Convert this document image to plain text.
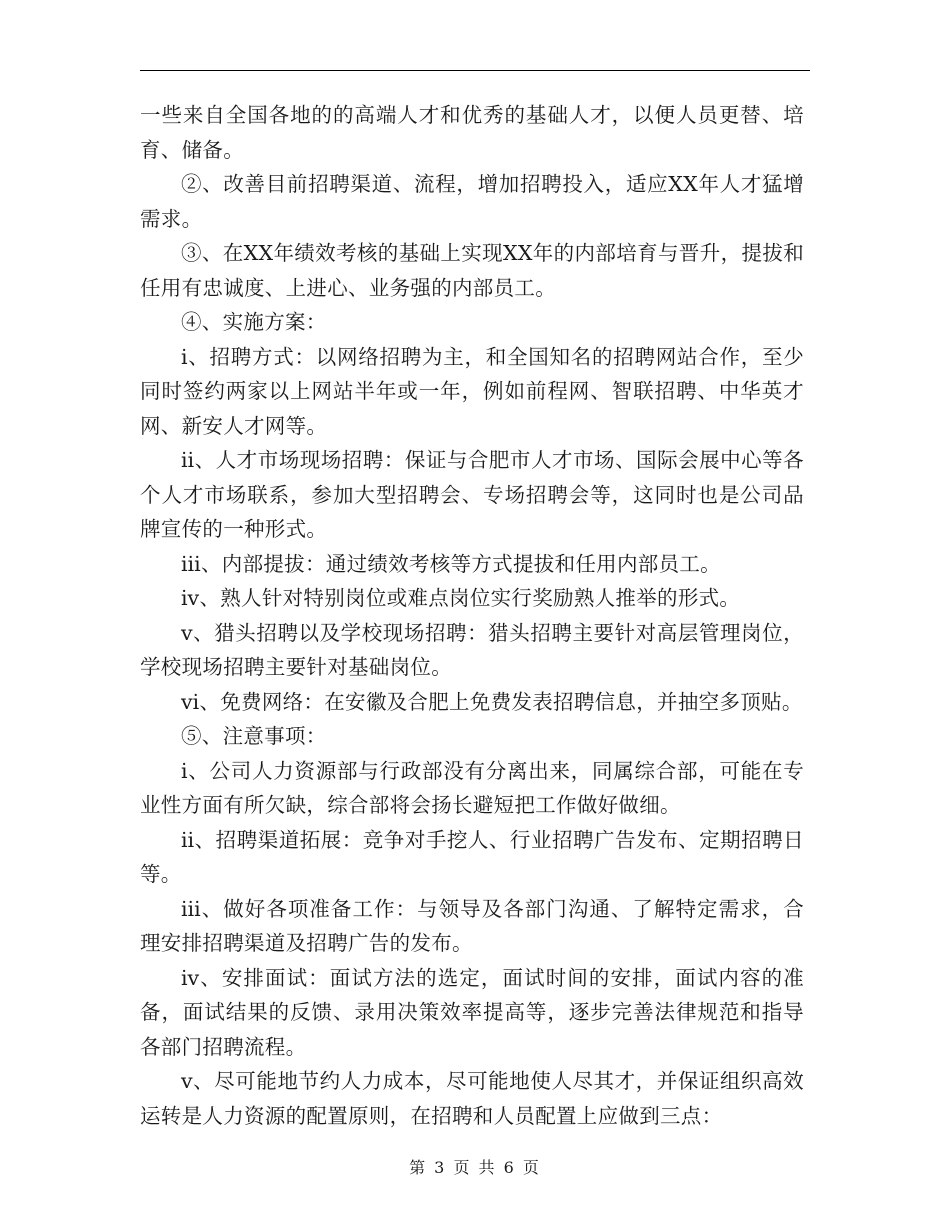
一些来自全国各地的的高端人才和优秀的基础人才，以便人员更替、培育、储备。

②、改善目前招聘渠道、流程，增加招聘投入，适应XX年人才猛增需求。

③、在XX年绩效考核的基础上实现XX年的内部培育与晋升，提拔和任用有忠诚度、上进心、业务强的内部员工。

④、实施方案：

ⅰ、招聘方式：以网络招聘为主，和全国知名的招聘网站合作，至少同时签约两家以上网站半年或一年，例如前程网、智联招聘、中华英才网、新安人才网等。

ⅱ、人才市场现场招聘：保证与合肥市人才市场、国际会展中心等各个人才市场联系，参加大型招聘会、专场招聘会等，这同时也是公司品牌宣传的一种形式。

ⅲ、内部提拔：通过绩效考核等方式提拔和任用内部员工。

ⅳ、熟人针对特别岗位或难点岗位实行奖励熟人推举的形式。

ⅴ、猎头招聘以及学校现场招聘：猎头招聘主要针对高层管理岗位，学校现场招聘主要针对基础岗位。

ⅵ、免费网络：在安徽及合肥上免费发表招聘信息，并抽空多顶贴。

⑤、注意事项：

ⅰ、公司人力资源部与行政部没有分离出来，同属综合部，可能在专业性方面有所欠缺，综合部将会扬长避短把工作做好做细。

ⅱ、招聘渠道拓展：竞争对手挖人、行业招聘广告发布、定期招聘日等。

ⅲ、做好各项准备工作：与领导及各部门沟通、了解特定需求，合理安排招聘渠道及招聘广告的发布。

ⅳ、安排面试：面试方法的选定，面试时间的安排，面试内容的准备，面试结果的反馈、录用决策效率提高等，逐步完善法律规范和指导各部门招聘流程。

ⅴ、尽可能地节约人力成本，尽可能地使人尽其才，并保证组织高效运转是人力资源的配置原则，在招聘和人员配置上应做到三点：

第 3 页 共 6 页
